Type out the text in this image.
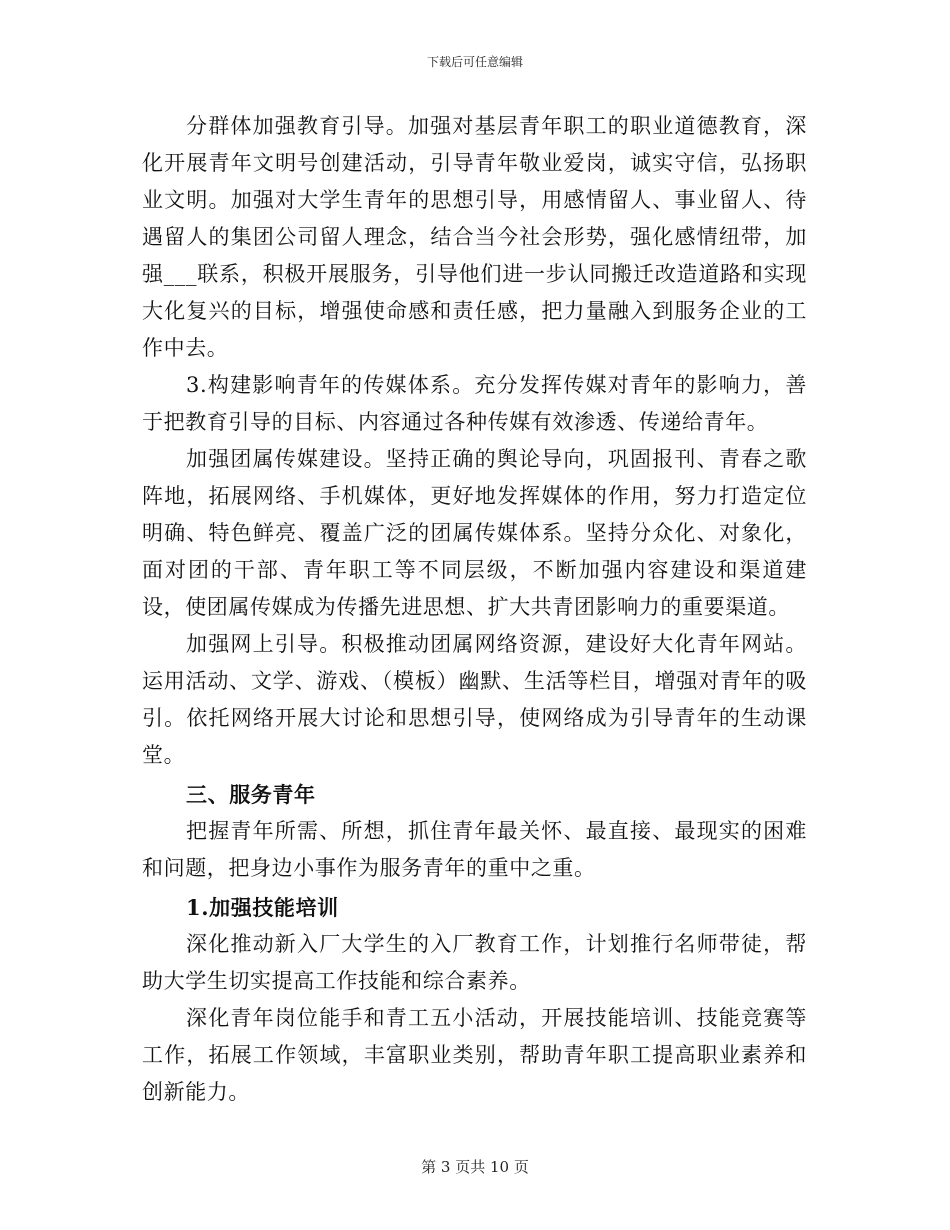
下载后可任意编辑

分群体加强教育引导。加强对基层青年职工的职业道德教育，深化开展青年文明号创建活动，引导青年敬业爱岗，诚实守信，弘扬职业文明。加强对大学生青年的思想引导，用感情留人、事业留人、待遇留人的集团公司留人理念，结合当今社会形势，强化感情纽带，加强___联系，积极开展服务，引导他们进一步认同搬迁改造道路和实现大化复兴的目标，增强使命感和责任感，把力量融入到服务企业的工作中去。

3.构建影响青年的传媒体系。充分发挥传媒对青年的影响力，善于把教育引导的目标、内容通过各种传媒有效渗透、传递给青年。

加强团属传媒建设。坚持正确的舆论导向，巩固报刊、青春之歌阵地，拓展网络、手机媒体，更好地发挥媒体的作用，努力打造定位明确、特色鲜亮、覆盖广泛的团属传媒体系。坚持分众化、对象化，面对团的干部、青年职工等不同层级，不断加强内容建设和渠道建设，使团属传媒成为传播先进思想、扩大共青团影响力的重要渠道。

加强网上引导。积极推动团属网络资源，建设好大化青年网站。运用活动、文学、游戏、（模板）幽默、生活等栏目，增强对青年的吸引。依托网络开展大讨论和思想引导，使网络成为引导青年的生动课堂。

三、服务青年

把握青年所需、所想，抓住青年最关怀、最直接、最现实的困难和问题，把身边小事作为服务青年的重中之重。

1.加强技能培训

深化推动新入厂大学生的入厂教育工作，计划推行名师带徒，帮助大学生切实提高工作技能和综合素养。

深化青年岗位能手和青工五小活动，开展技能培训、技能竞赛等工作，拓展工作领域，丰富职业类别，帮助青年职工提高职业素养和创新能力。

第 3 页共 10 页
